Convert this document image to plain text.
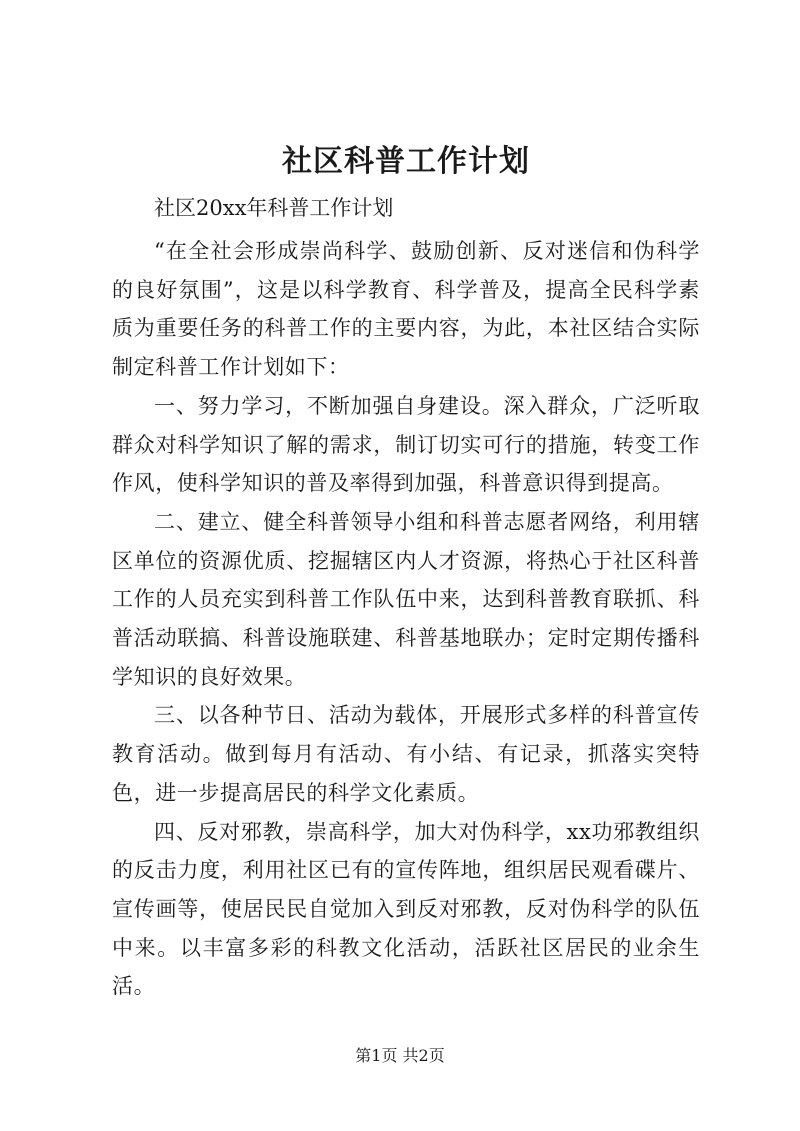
社区科普工作计划
社区20xx年科普工作计划

“在全社会形成崇尚科学、鼓励创新、反对迷信和伪科学的良好氛围”，这是以科学教育、科学普及，提高全民科学素质为重要任务的科普工作的主要内容，为此，本社区结合实际制定科普工作计划如下：

一、努力学习，不断加强自身建设。深入群众，广泛听取群众对科学知识了解的需求，制订切实可行的措施，转变工作作风，使科学知识的普及率得到加强，科普意识得到提高。

二、建立、健全科普领导小组和科普志愿者网络，利用辖区单位的资源优质、挖掘辖区内人才资源，将热心于社区科普工作的人员充实到科普工作队伍中来，达到科普教育联抓、科普活动联搞、科普设施联建、科普基地联办；定时定期传播科学知识的良好效果。

三、以各种节日、活动为载体，开展形式多样的科普宣传教育活动。做到每月有活动、有小结、有记录，抓落实突特色，进一步提高居民的科学文化素质。

四、反对邪教，崇高科学，加大对伪科学，xx功邪教组织的反击力度，利用社区已有的宣传阵地，组织居民观看碟片、宣传画等，使居民民自觉加入到反对邪教，反对伪科学的队伍中来。以丰富多彩的科教文化活动，活跃社区居民的业余生活。

第1页 共2页
